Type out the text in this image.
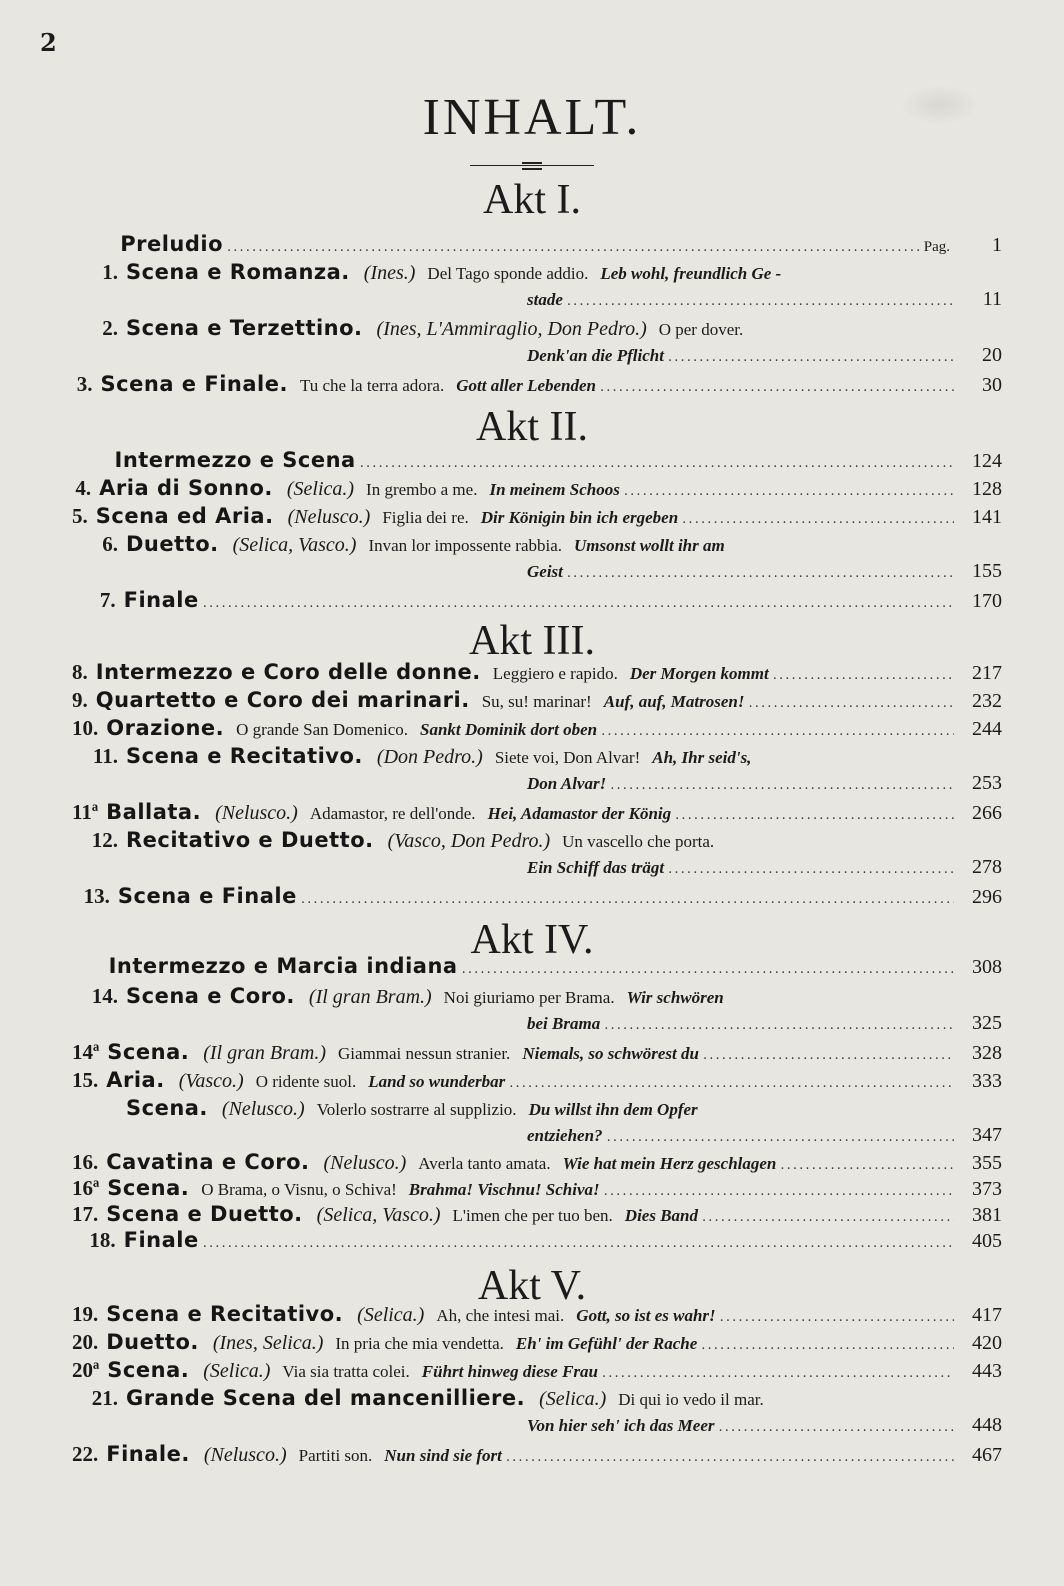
2
INHALT.
Akt I.
Preludio . . .	Pag.	1
1. Scena e Romanza. (Ines.) Del Tago sponde addio. Leb wohl, freundlich Ge -
stade . . .	11
2. Scena e Terzettino. (Ines, L'Ammiraglio, Don Pedro.) O per dover.
Denk'an die Pflicht . . .	20
3. Scena e Finale. Tu che la terra adora. Gott aller Lebenden . . .	30
Akt II.
Intermezzo e Scena . . .	124
4. Aria di Sonno. (Selica.) In grembo a me. In meinem Schoos . . .	128
5. Scena ed Aria. (Nelusco.) Figlia dei re. Dir Königin bin ich ergeben . . .	141
6. Duetto. (Selica, Vasco.) Invan lor impossente rabbia. Umsonst wollt ihr am
Geist . . .	155
7. Finale . . .	170
Akt III.
8. Intermezzo e Coro delle donne. Leggiero e rapido. Der Morgen kommt . . .	217
9. Quartetto e Coro dei marinari. Su, su! marinar! Auf, auf, Matrosen! . . .	232
10. Orazione. O grande San Domenico. Sankt Dominik dort oben . . .	244
11. Scena e Recitativo. (Don Pedro.) Siete voi, Don Alvar! Ah, Ihr seid's,
Don Alvar! . . .	253
11ª Ballata. (Nelusco.) Adamastor, re dell'onde. Hei, Adamastor der König . . .	266
12. Recitativo e Duetto. (Vasco, Don Pedro.) Un vascello che porta.
Ein Schiff das trägt . . .	278
13. Scena e Finale . . .	296
Akt IV.
Intermezzo e Marcia indiana . . .	308
14. Scena e Coro. (Il gran Bram.) Noi giuriamo per Brama. Wir schwören
bei Brama . . .	325
14ª Scena. (Il gran Bram.) Giammai nessun stranier. Niemals, so schwörest du . . .	328
15. Aria. (Vasco.) O ridente suol. Land so wunderbar . . .	333
Scena. (Nelusco.) Volerlo sostrarre al supplizio. Du willst ihn dem Opfer
entziehen? . . .	347
16. Cavatina e Coro. (Nelusco.) Averla tanto amata. Wie hat mein Herz geschlagen . . .	355
16ª Scena. O Brama, o Visnu, o Schiva! Brahma! Vischnu! Schiva! . . .	373
17. Scena e Duetto. (Selica, Vasco.) L'imen che per tuo ben. Dies Band . . .	381
18. Finale . . .	405
Akt V.
19. Scena e Recitativo. (Selica.) Ah, che intesi mai. Gott, so ist es wahr! . . .	417
20. Duetto. (Ines, Selica.) In pria che mia vendetta. Eh' im Gefühl' der Rache . . .	420
20ª Scena. (Selica.) Via sia tratta colei. Führt hinweg diese Frau . . .	443
21. Grande Scena del mancenilliere. (Selica.) Di qui io vedo il mar.
Von hier seh' ich das Meer . . .	448
22. Finale. (Nelusco.) Partiti son. Nun sind sie fort . . .	467
